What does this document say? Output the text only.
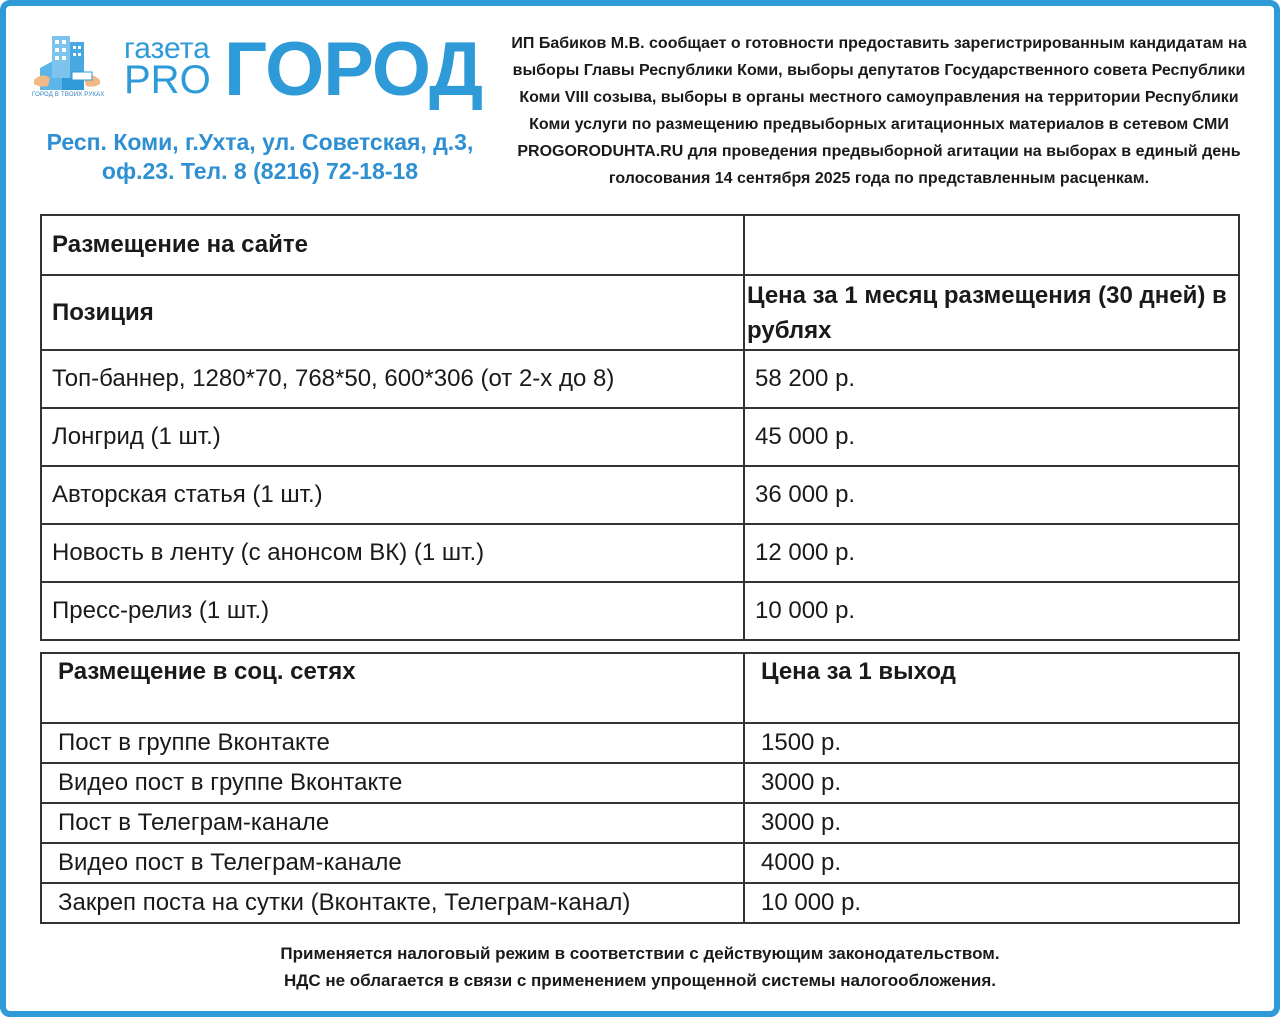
ГОРОД В ТВОИХ РУКАХ
газета
PRO ГОРОД
Респ. Коми, г.Ухта, ул. Советская, д.3, оф.23. Тел. 8 (8216) 72-18-18
ИП Бабиков М.В. сообщает о готовности предоставить зарегистрированным кандидатам на выборы Главы Республики Коми, выборы депутатов Государственного совета Республики Коми VIII созыва, выборы в органы местного самоуправления на территории Республики Коми услуги по размещению предвыборных агитационных материалов в сетевом СМИ PROGORODUHTA.RU для проведения предвыборной агитации на выборах в единый день голосования 14 сентября 2025 года по представленным расценкам.
Размещение на сайте	
Позиция	Цена за 1 месяц размещения (30 дней) в рублях
Топ-баннер, 1280*70, 768*50, 600*306 (от 2-х до 8)	58 200 р.
Лонгрид (1 шт.)	45 000 р.
Авторская статья (1 шт.)	36 000 р.
Новость в ленту (с анонсом ВК) (1 шт.)	12 000 р.
Пресс-релиз (1 шт.)	10 000 р.
Размещение в соц. сетях	Цена за 1 выход
Пост в группе Вконтакте	1500 р.
Видео пост в группе Вконтакте	3000 р.
Пост в Телеграм-канале	3000 р.
Видео пост в Телеграм-канале	4000 р.
Закреп поста на сутки (Вконтакте, Телеграм-канал)	10 000 р.
Применяется налоговый режим в соответствии с действующим законодательством.
НДС не облагается в связи с применением упрощенной системы налогообложения.
